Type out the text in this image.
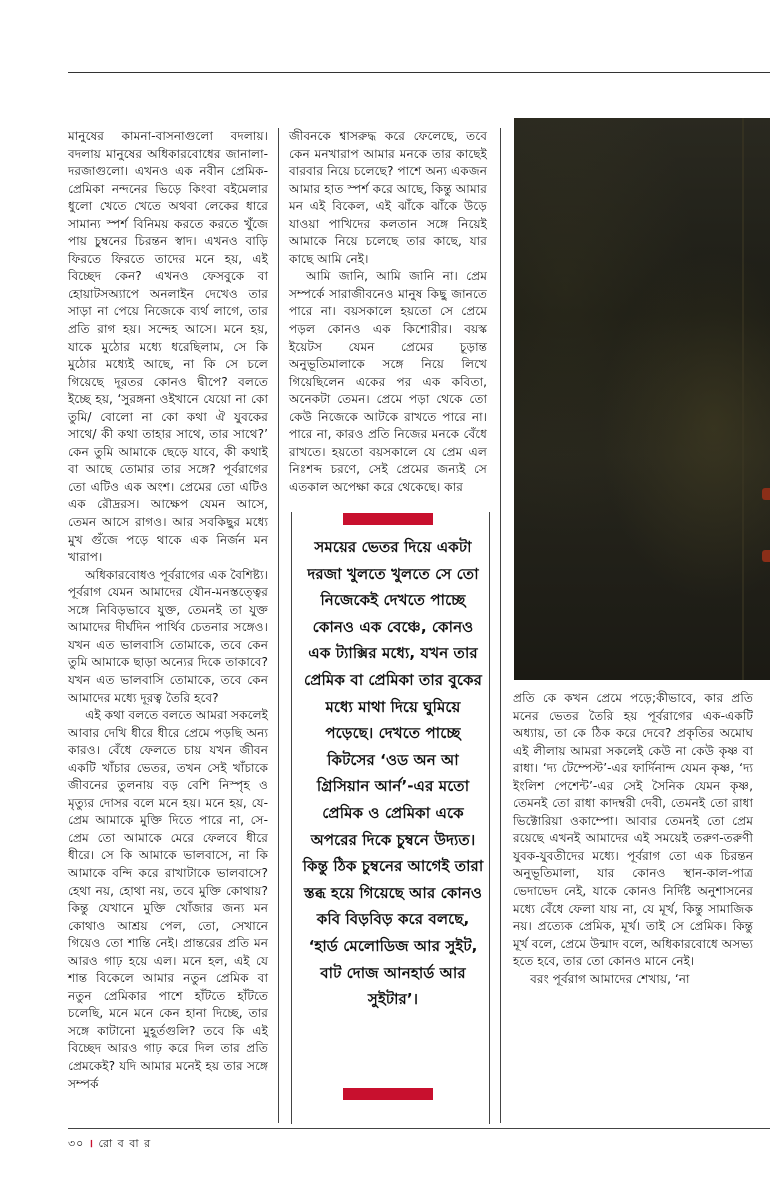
মানুষের কামনা-বাসনাগুলো বদলায়। বদলায় মানুষের অধিকারবোধের জানালা-দরজাগুলো। এখনও এক নবীন প্রেমিক-প্রেমিকা নন্দনের ভিড়ে কিংবা বইমেলার ধুলো খেতে খেতে অথবা লেকের ধারে সামান্য স্পর্শ বিনিময় করতে করতে খুঁজে পায় চুম্বনের চিরন্তন স্বাদ। এখনও বাড়ি ফিরতে ফিরতে তাদের মনে হয়, এই বিচ্ছেদ কেন? এখনও ফেসবুকে বা হোয়াটসঅ্যাপে অনলাইন দেখেও তার সাড়া না পেয়ে নিজেকে ব্যর্থ লাগে, তার প্রতি রাগ হয়। সন্দেহ আসে। মনে হয়, যাকে মুঠোর মধ্যে ধরেছিলাম, সে কি মুঠোর মধ্যেই আছে, না কি সে চলে গিয়েছে দূরতর কোনও দ্বীপে? বলতে ইচ্ছে হয়, ‘সুরঙ্গনা ওইখানে যেয়ো না কো তুমি/ বোলো না কো কথা ঐ যুবকের সাথে/ কী কথা তাহার সাথে, তার সাথে?’ কেন তুমি আমাকে ছেড়ে যাবে, কী কথাই বা আছে তোমার তার সঙ্গে? পূর্বরাগের তো এটিও এক অংশ। প্রেমের তো এটিও এক রৌদ্ররস। আক্ষেপ যেমন আসে, তেমন আসে রাগও। আর সবকিছুর মধ্যে মুখ গুঁজে পড়ে থাকে এক নির্জন মন খারাপ।

অধিকারবোধও পূর্বরাগের এক বৈশিষ্ট্য। পূর্বরাগ যেমন আমাদের যৌন-মনস্তত্ত্বের সঙ্গে নিবিড়ভাবে যুক্ত, তেমনই তা যুক্ত আমাদের দীর্ঘদিন পার্থিব চেতনার সঙ্গেও। যখন এত ভালবাসি তোমাকে, তবে কেন তুমি আমাকে ছাড়া অন্যের দিকে তাকাবে? যখন এত ভালবাসি তোমাকে, তবে কেন আমাদের মধ্যে দূরত্ব তৈরি হবে?

এই কথা বলতে বলতে আমরা সকলেই আবার দেখি ধীরে ধীরে প্রেমে পড়ছি অন্য কারও। বেঁধে ফেলতে চায় যখন জীবন একটি খাঁচার ভেতর, তখন সেই খাঁচাকে জীবনের তুলনায় বড় বেশি নিস্পৃহ ও মৃত্যুর দোসর বলে মনে হয়। মনে হয়, যে-প্রেম আমাকে মুক্তি দিতে পারে না, সে-প্রেম তো আমাকে মেরে ফেলবে ধীরে ধীরে। সে কি আমাকে ভালবাসে, না কি আমাকে বন্দি করে রাখাটাকে ভালবাসে? হেথা নয়, হোথা নয়, তবে মুক্তি কোথায়? কিন্তু যেখানে মুক্তি খোঁজার জন্য মন কোথাও আশ্রয় পেল, তো, সেখানে গিয়েও তো শান্তি নেই। প্রান্তরের প্রতি মন আরও গাঢ় হয়ে এল। মনে হল, এই যে শান্ত বিকেলে আমার নতুন প্রেমিক বা নতুন প্রেমিকার পাশে হাঁটতে হাঁটতে চলেছি, মনে মনে কেন হানা দিচ্ছে, তার সঙ্গে কাটানো মুহূর্তগুলি? তবে কি এই বিচ্ছেদ আরও গাঢ় করে দিল তার প্রতি প্রেমকেই? যদি আমার মনেই হয় তার সঙ্গে সম্পর্ক

জীবনকে শ্বাসরুদ্ধ করে ফেলেছে, তবে কেন মনখারাপ আমার মনকে তার কাছেই বারবার নিয়ে চলেছে? পাশে অন্য একজন আমার হাত স্পর্শ করে আছে, কিন্তু আমার মন এই বিকেল, এই ঝাঁকে ঝাঁকে উড়ে যাওয়া পাখিদের কলতান সঙ্গে নিয়েই আমাকে নিয়ে চলেছে তার কাছে, যার কাছে আমি নেই।

আমি জানি, আমি জানি না। প্রেম সম্পর্কে সারাজীবনেও মানুষ কিছু জানতে পারে না। বয়সকালে হয়তো সে প্রেমে পড়ল কোনও এক কিশোরীর। বয়স্ক ইয়েটস যেমন প্রেমের চূড়ান্ত অনুভূতিমালাকে সঙ্গে নিয়ে লিখে গিয়েছিলেন একের পর এক কবিতা, অনেকটা তেমন। প্রেমে পড়া থেকে তো কেউ নিজেকে আটকে রাখতে পারে না। পারে না, কারও প্রতি নিজের মনকে বেঁধে রাখতে। হয়তো বয়সকালে যে প্রেম এল নিঃশব্দ চরণে, সেই প্রেমের জন্যই সে এতকাল অপেক্ষা করে থেকেছে। কার

সময়ের ভেতর দিয়ে একটা দরজা খুলতে খুলতে সে তো নিজেকেই দেখতে পাচ্ছে কোনও এক বেঞ্চে, কোনও এক ট্যাক্সির মধ্যে, যখন তার প্রেমিক বা প্রেমিকা তার বুকের মধ্যে মাথা দিয়ে ঘুমিয়ে পড়েছে। দেখতে পাচ্ছে কিটসের ‘ওড অন আ গ্রিসিয়ান আর্ন’-এর মতো প্রেমিক ও প্রেমিকা একে অপরের দিকে চুম্বনে উদ্যত। কিন্তু ঠিক চুম্বনের আগেই তারা স্তব্ধ হয়ে গিয়েছে আর কোনও কবি বিড়বিড় করে বলছে, ‘হার্ড মেলোডিজ আর সুইট, বাট দোজ আনহার্ড আর সুইটার’।

প্রতি কে কখন প্রেমে পড়ে;কীভাবে, কার প্রতি মনের ভেতর তৈরি হয় পূর্বরাগের এক-একটি অধ্যায়, তা কে ঠিক করে দেবে? প্রকৃতির অমোঘ এই লীলায় আমরা সকলেই কেউ না কেউ কৃষ্ণ বা রাধা। ‘দ্য টেম্পেস্ট’-এর ফার্দিনান্দ যেমন কৃষ্ণ, ‘দ্য ইংলিশ পেশেন্ট’-এর সেই সৈনিক যেমন কৃষ্ণ, তেমনই তো রাধা কাদম্বরী দেবী, তেমনই তো রাধা ভিক্টোরিয়া ওকাম্পো। আবার তেমনই তো প্রেম রয়েছে এখনই আমাদের এই সময়েই তরুণ-তরুণী যুবক-যুবতীদের মধ্যে। পূর্বরাগ তো এক চিরন্তন অনুভূতিমালা, যার কোনও স্থান-কাল-পাত্র ভেদাভেদ নেই, যাকে কোনও নির্দিষ্ট অনুশাসনের মধ্যে বেঁধে ফেলা যায় না, যে মূর্খ, কিন্তু সামাজিক নয়। প্রত্যেক প্রেমিক, মূর্খ। তাই সে প্রেমিক। কিন্তু মূর্খ বলে, প্রেমে উন্মাদ বলে, অধিকারবোধে অসভ্য হতে হবে, তার তো কোনও মানে নেই।

বরং পূর্বরাগ আমাদের শেখায়, ‘না

৩০ । রো ব বা র
